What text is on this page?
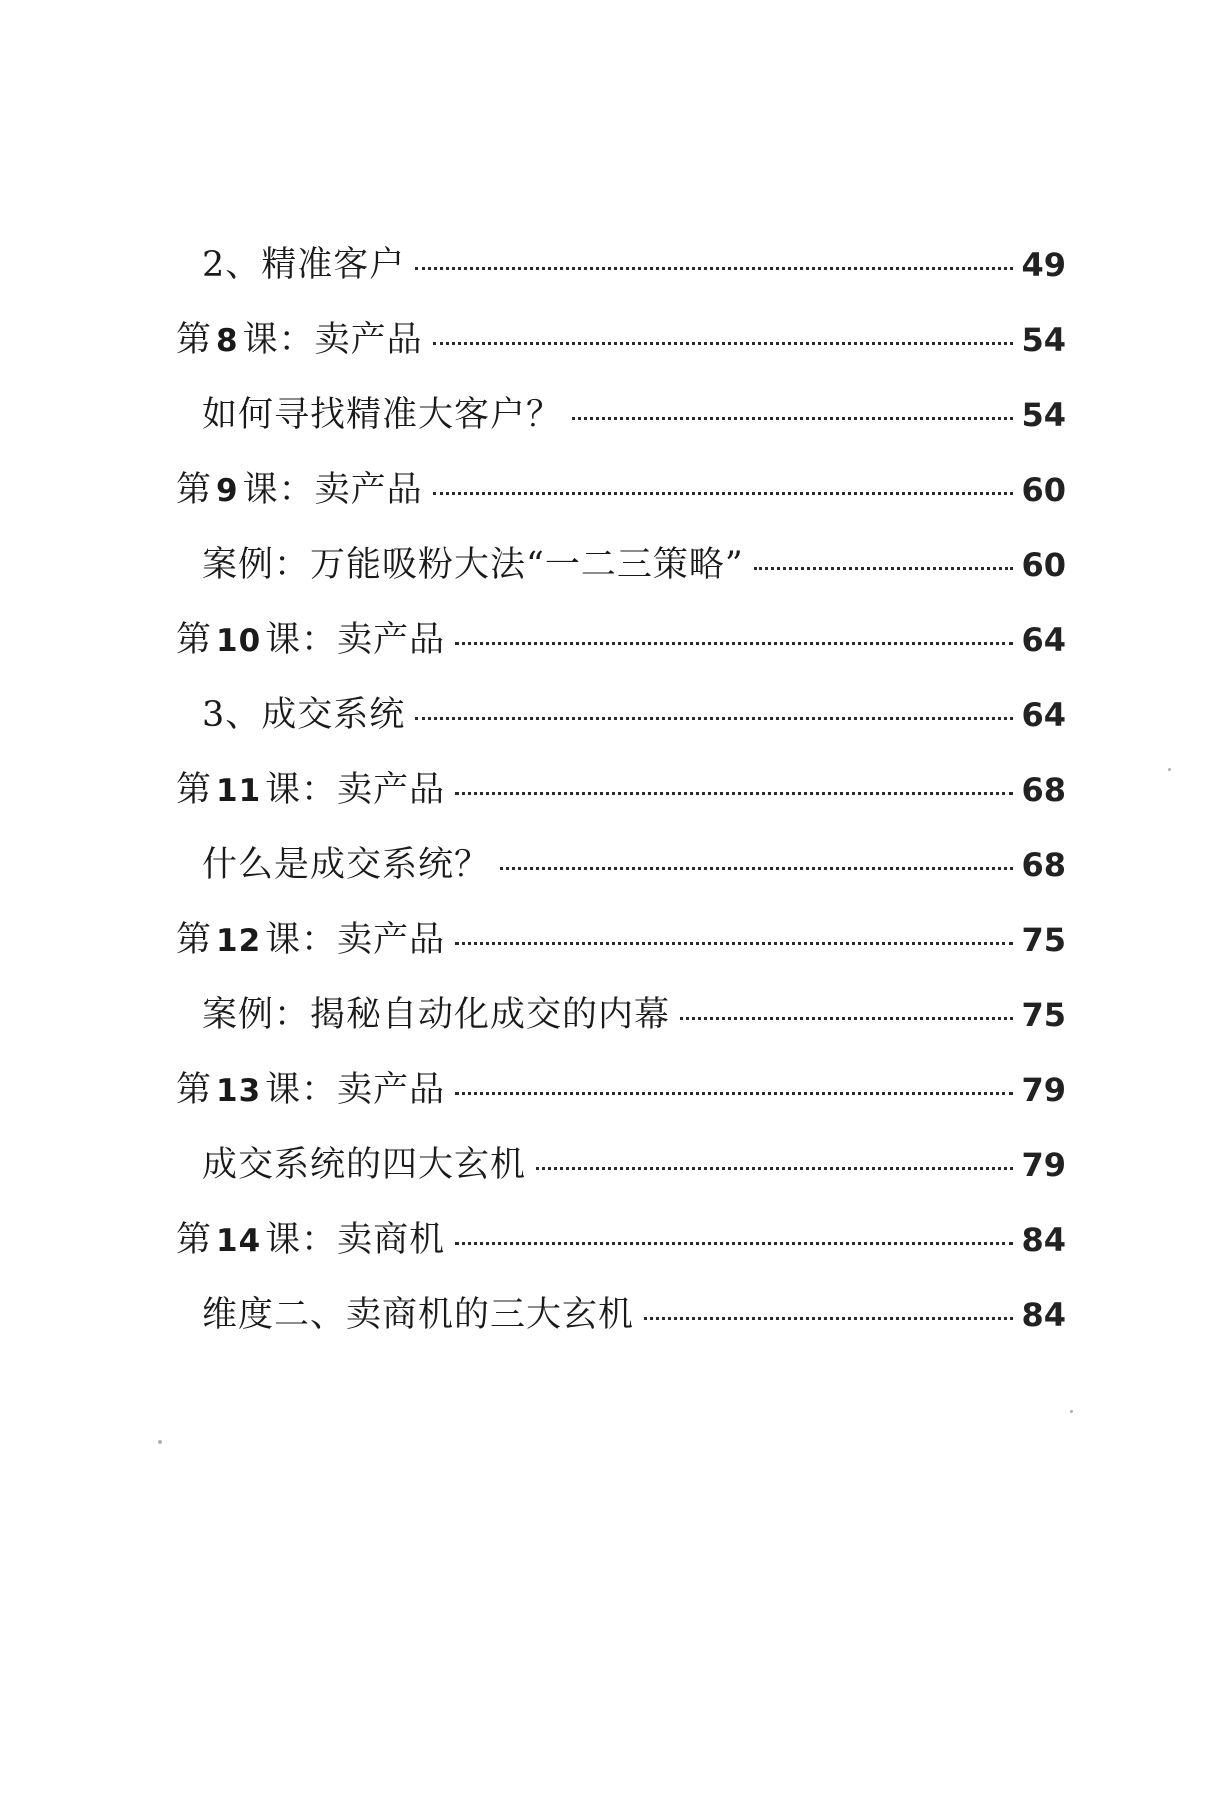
2、精准客户	49
第 8 课：卖产品	54
如何寻找精准大客户？	54
第 9 课：卖产品	60
案例：万能吸粉大法“一二三策略”	60
第 10 课：卖产品	64
3、成交系统	64
第 11 课：卖产品	68
什么是成交系统？	68
第 12 课：卖产品	75
案例：揭秘自动化成交的内幕	75
第 13 课：卖产品	79
成交系统的四大玄机	79
第 14 课：卖商机	84
维度二、卖商机的三大玄机	84
